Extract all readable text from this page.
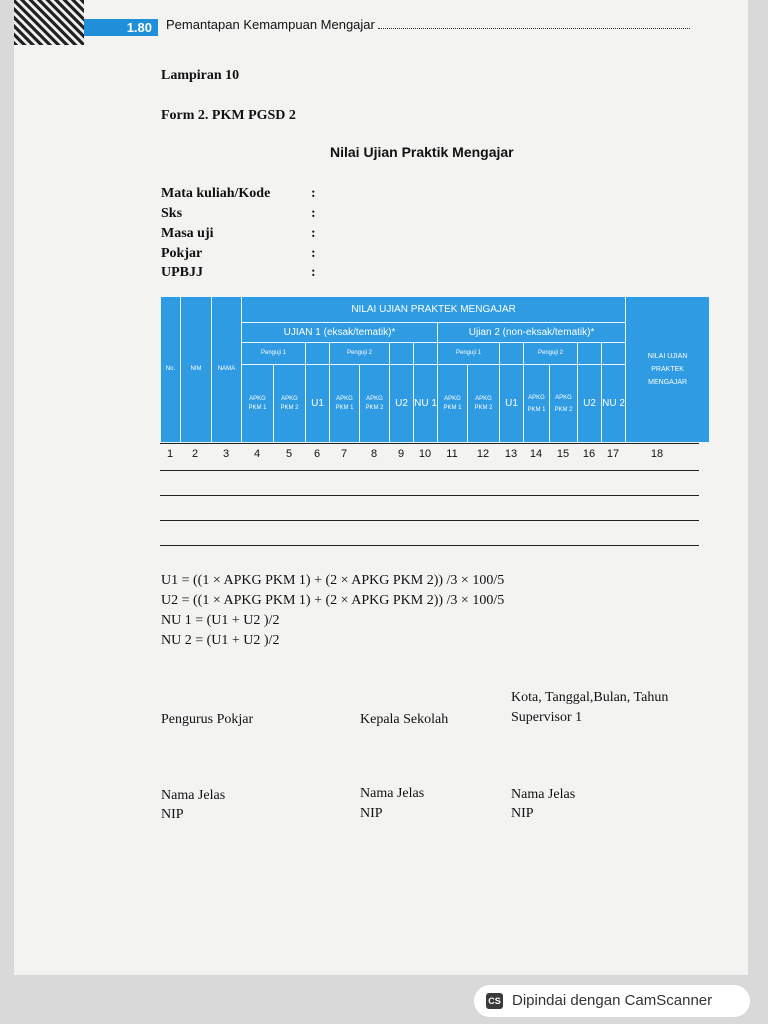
1.80	Pemantapan Kemampuan Mengajar
Lampiran 10
Form 2. PKM PGSD 2
Nilai Ujian Praktik Mengajar
Mata kuliah/Kode	:
Sks	:
Masa uji	:
Pokjar	:
UPBJJ	:
No.	NIM	NAMA	NILAI UJIAN PRAKTEK MENGAJAR														NILAI UJIAN PRAKTEK MENGAJAR
			UJIAN 1 (eksak/tematik)*							Ujian 2 (non-eksak/tematik)*							
			Penguji 1			Penguji 2				Penguji 1			Penguji 2				
			APKG PKM 1	APKG PKM 2	U1	APKG PKM 1	APKG PKM 2	U2	NU 1	APKG PKM 1	APKG PKM 2	U1	APKG PKM 1	APKG PKM 2	U2	NU 2	
1 2 3 4 5 6 7 8 9 10 11 12 13 14 15 16 17	18
U1 = ((1 × APKG PKM 1) + (2 × APKG PKM 2)) /3 × 100/5
U2 = ((1 × APKG PKM 1) + (2 × APKG PKM 2)) /3 × 100/5
NU 1 = (U1 + U2 )/2
NU 2 = (U1 + U2 )/2
Kota, Tanggal,Bulan, Tahun
Pengurus Pokjar	Kepala Sekolah	Supervisor 1
Nama Jelas
NIP
Nama Jelas
NIP
Nama Jelas
NIP
CS Dipindai dengan CamScanner
